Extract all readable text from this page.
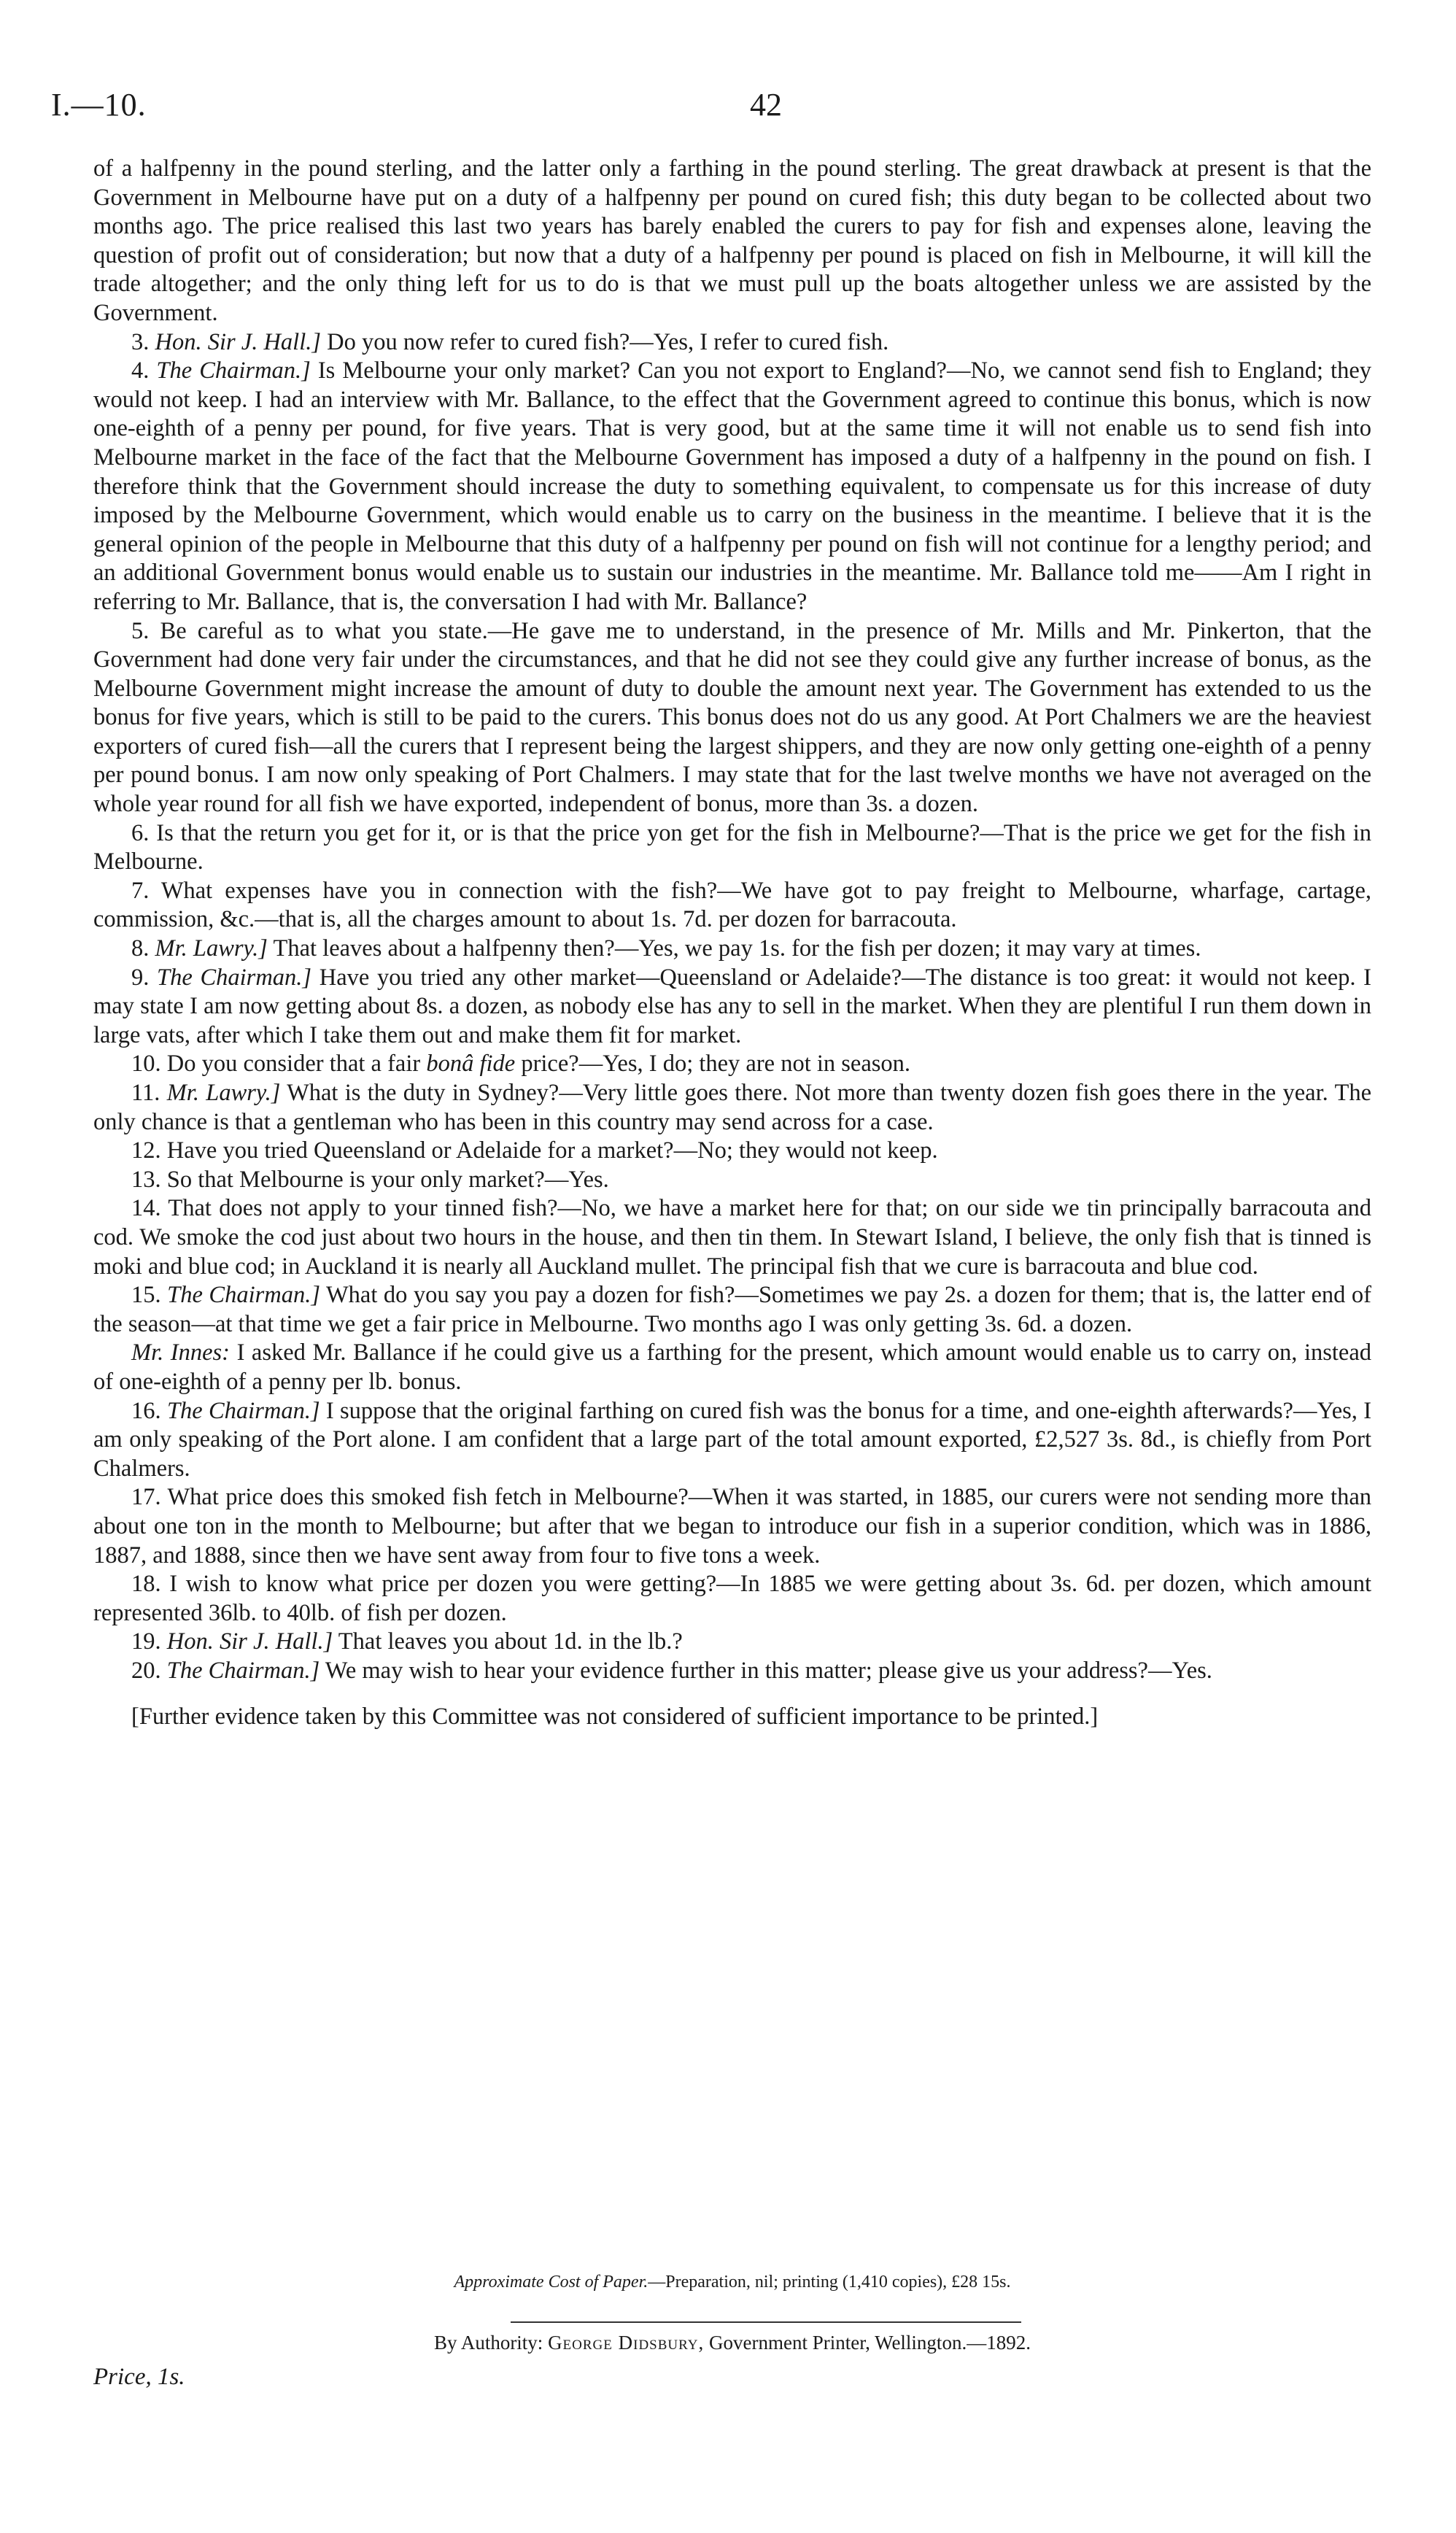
I.—10.	42

of a halfpenny in the pound sterling, and the latter only a farthing in the pound sterling. The great drawback at present is that the Government in Melbourne have put on a duty of a halfpenny per pound on cured fish; this duty began to be collected about two months ago. The price realised this last two years has barely enabled the curers to pay for fish and expenses alone, leaving the question of profit out of consideration; but now that a duty of a halfpenny per pound is placed on fish in Melbourne, it will kill the trade altogether; and the only thing left for us to do is that we must pull up the boats altogether unless we are assisted by the Government.

3. Hon. Sir J. Hall.] Do you now refer to cured fish?—Yes, I refer to cured fish.

4. The Chairman.] Is Melbourne your only market? Can you not export to England?—No, we cannot send fish to England; they would not keep. I had an interview with Mr. Ballance, to the effect that the Government agreed to continue this bonus, which is now one-eighth of a penny per pound, for five years. That is very good, but at the same time it will not enable us to send fish into Melbourne market in the face of the fact that the Melbourne Government has imposed a duty of a halfpenny in the pound on fish. I therefore think that the Government should increase the duty to something equivalent, to compensate us for this increase of duty imposed by the Melbourne Government, which would enable us to carry on the business in the meantime. I believe that it is the general opinion of the people in Melbourne that this duty of a halfpenny per pound on fish will not continue for a lengthy period; and an additional Government bonus would enable us to sustain our industries in the meantime. Mr. Ballance told me——Am I right in referring to Mr. Ballance, that is, the conversation I had with Mr. Ballance?

5. Be careful as to what you state.—He gave me to understand, in the presence of Mr. Mills and Mr. Pinkerton, that the Government had done very fair under the circumstances, and that he did not see they could give any further increase of bonus, as the Melbourne Government might increase the amount of duty to double the amount next year. The Government has extended to us the bonus for five years, which is still to be paid to the curers. This bonus does not do us any good. At Port Chalmers we are the heaviest exporters of cured fish—all the curers that I represent being the largest shippers, and they are now only getting one-eighth of a penny per pound bonus. I am now only speaking of Port Chalmers. I may state that for the last twelve months we have not averaged on the whole year round for all fish we have exported, independent of bonus, more than 3s. a dozen.

6. Is that the return you get for it, or is that the price yon get for the fish in Melbourne?—That is the price we get for the fish in Melbourne.

7. What expenses have you in connection with the fish?—We have got to pay freight to Melbourne, wharfage, cartage, commission, &c.—that is, all the charges amount to about 1s. 7d. per dozen for barracouta.

8. Mr. Lawry.] That leaves about a halfpenny then?—Yes, we pay 1s. for the fish per dozen; it may vary at times.

9. The Chairman.] Have you tried any other market—Queensland or Adelaide?—The distance is too great: it would not keep. I may state I am now getting about 8s. a dozen, as nobody else has any to sell in the market. When they are plentiful I run them down in large vats, after which I take them out and make them fit for market.

10. Do you consider that a fair bonâ fide price?—Yes, I do; they are not in season.

11. Mr. Lawry.] What is the duty in Sydney?—Very little goes there. Not more than twenty dozen fish goes there in the year. The only chance is that a gentleman who has been in this country may send across for a case.

12. Have you tried Queensland or Adelaide for a market?—No; they would not keep.

13. So that Melbourne is your only market?—Yes.

14. That does not apply to your tinned fish?—No, we have a market here for that; on our side we tin principally barracouta and cod. We smoke the cod just about two hours in the house, and then tin them. In Stewart Island, I believe, the only fish that is tinned is moki and blue cod; in Auckland it is nearly all Auckland mullet. The principal fish that we cure is barracouta and blue cod.

15. The Chairman.] What do you say you pay a dozen for fish?—Sometimes we pay 2s. a dozen for them; that is, the latter end of the season—at that time we get a fair price in Melbourne. Two months ago I was only getting 3s. 6d. a dozen.

Mr. Innes: I asked Mr. Ballance if he could give us a farthing for the present, which amount would enable us to carry on, instead of one-eighth of a penny per lb. bonus.

16. The Chairman.] I suppose that the original farthing on cured fish was the bonus for a time, and one-eighth afterwards?—Yes, I am only speaking of the Port alone. I am confident that a large part of the total amount exported, £2,527 3s. 8d., is chiefly from Port Chalmers.

17. What price does this smoked fish fetch in Melbourne?—When it was started, in 1885, our curers were not sending more than about one ton in the month to Melbourne; but after that we began to introduce our fish in a superior condition, which was in 1886, 1887, and 1888, since then we have sent away from four to five tons a week.

18. I wish to know what price per dozen you were getting?—In 1885 we were getting about 3s. 6d. per dozen, which amount represented 36lb. to 40lb. of fish per dozen.

19. Hon. Sir J. Hall.] That leaves you about 1d. in the lb.?

20. The Chairman.] We may wish to hear your evidence further in this matter; please give us your address?—Yes.

[Further evidence taken by this Committee was not considered of sufficient importance to be printed.]

Approximate Cost of Paper.—Preparation, nil; printing (1,410 copies), £28 15s.
By Authority: George Didsbury, Government Printer, Wellington.—1892.
Price, 1s.
